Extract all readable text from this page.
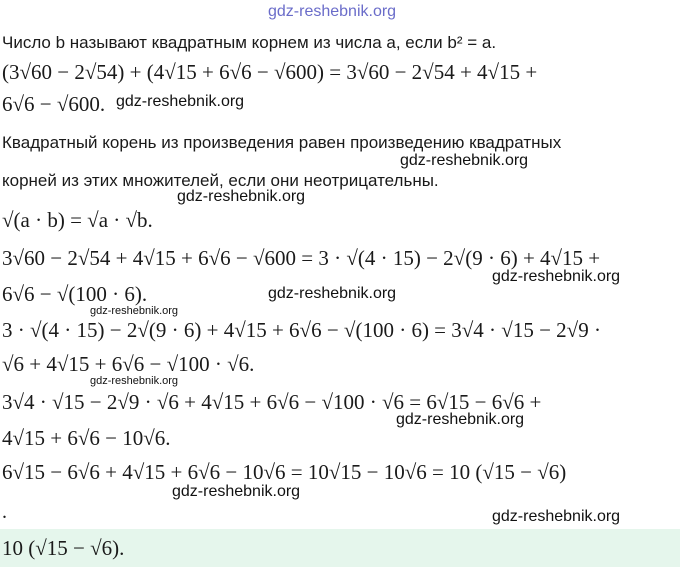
gdz-reshebnik.org
Число b называют квадратным корнем из числа a, если b² = a.
(3√60 − 2√54) + (4√15 + 6√6 − √600) = 3√60 − 2√54 + 4√15 +
6√6 − √600. gdz-reshebnik.org
Квадратный корень из произведения равен произведению квадратных
gdz-reshebnik.org
корней из этих множителей, если они неотрицательны.
gdz-reshebnik.org
√(a · b) = √a · √b.
3√60 − 2√54 + 4√15 + 6√6 − √600 = 3 · √(4 · 15) − 2√(9 · 6) + 4√15 +
gdz-reshebnik.org
6√6 − √(100 · 6).	gdz-reshebnik.org
gdz-reshebnik.org
3 · √(4 · 15) − 2√(9 · 6) + 4√15 + 6√6 − √(100 · 6) = 3√4 · √15 − 2√9 ·
√6 + 4√15 + 6√6 − √100 · √6.
gdz-reshebnik.org
3√4 · √15 − 2√9 · √6 + 4√15 + 6√6 − √100 · √6 = 6√15 − 6√6 +
gdz-reshebnik.org
4√15 + 6√6 − 10√6.
6√15 − 6√6 + 4√15 + 6√6 − 10√6 = 10√15 − 10√6 = 10 (√15 − √6)
gdz-reshebnik.org
.	gdz-reshebnik.org
10 (√15 − √6).
